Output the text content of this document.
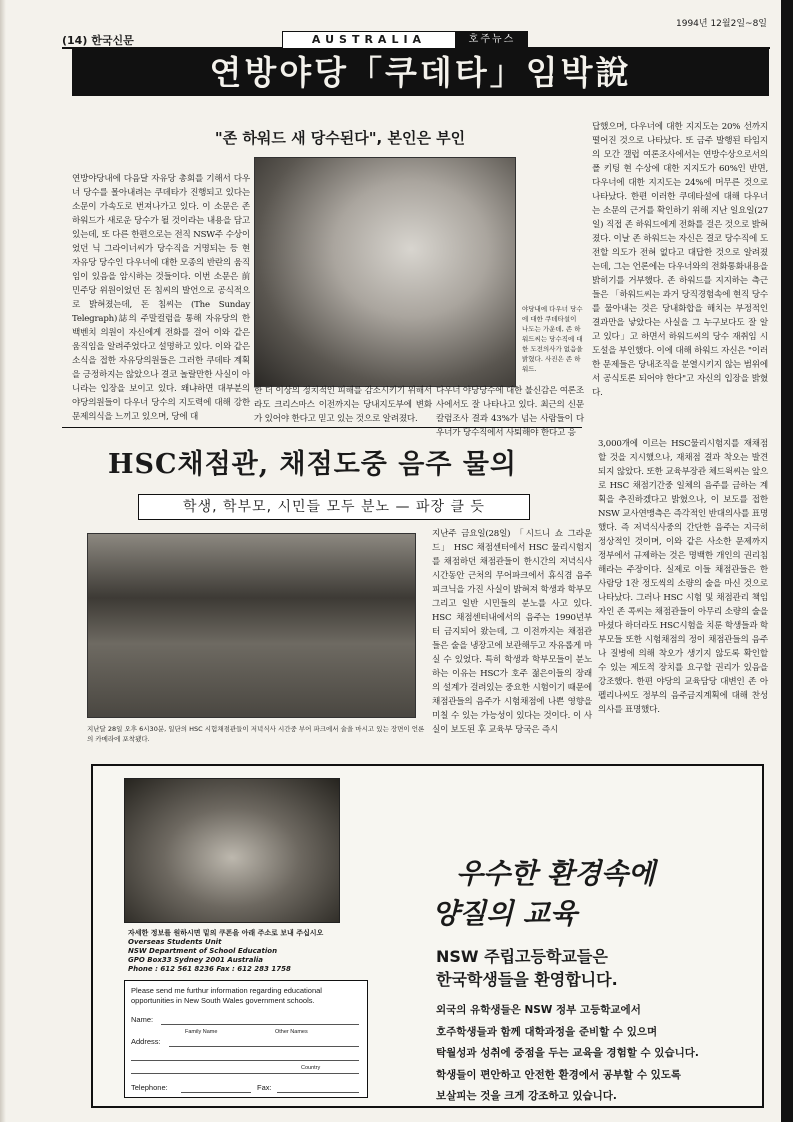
(14) 한국신문
1994년 12월2일~8일
AUSTRALIA	호주뉴스
연방야당「쿠데타」임박說
"존 하워드 새 당수된다", 본인은 부인
연방야당내에 다음달 자유당 총회를 기해서 다우너 당수를 몰아내려는 쿠데타가 진행되고 있다는 소문이 가속도로 번져나가고 있다. 이 소문은 존 하워드가 새로운 당수가 될 것이라는 내용을 담고 있는데, 또 다른 한편으로는 전직 NSW주 수상이었던 닉 그라이너씨가 당수직을 거명되는 등 현 자유당 당수인 다우너에 대한 모종의 반란의 움직임이 있음을 암시하는 것들이다. 이번 소문은 前민주당 위원이었던 돈 침씨의 발언으로 공식적으로 밝혀졌는데, 돈 침씨는 (The Sunday Telegraph)誌의 주말컬럼을 통해 자유당의 한 백벤치 의원이 자신에게 전화를 걸어 이와 같은 움직임을 알려주었다고 설명하고 있다. 이와 같은 소식을 접한 자유당의원들은 그러한 쿠데타 계획을 긍정하지는 않았으나 결코 놀랄만한 사실이 아니라는 입장을 보이고 있다. 왜냐하면 대부분의 야당의원들이 다우너 당수의 지도력에 대해 강한 문제의식을 느끼고 있으며, 당에 대
야당내에 다우너 당수에 대한 쿠데타설이 나도는 가운데, 존 하워드씨는 당수직에 대한 도전의사가 없음을 밝혔다. 사진은 존 하워드.
한 더 이상의 정치적인 피해를 감소시키기 위해서라도 크리스마스 이전까지는 당내지도부에 변화가 있어야 한다고 믿고 있는 것으로 알려졌다.
다우너 야당당수에 대한 불신감은 여론조사에서도 잘 나타나고 있다. 최근의 신문칼럼조사 결과 43%가 넘는 사람들이 다우너가 당수직에서 사퇴해야 한다고 응
답했으며, 다우너에 대한 지지도는 20% 선까지 떨어진 것으로 나타났다. 또 금주 발행된 타임지의 모간 갤럽 여론조사에서는 연방수상으로서의 폴 키팅 현 수상에 대한 지지도가 60%인 반면, 다우너에 대한 지지도는 24%에 머무른 것으로 나타났다. 한편 이러한 쿠데타설에 대해 다우너는 소문의 근거를 확인하기 위해 지난 일요일(27일) 직접 존 하워드에게 전화를 걸은 것으로 밝혀졌다. 이날 존 하워드는 자신은 결코 당수직에 도전할 의도가 전혀 없다고 대답한 것으로 알려졌는데, 그는 언론에는 다우너와의 전화통화내용을 밝히기를 거부했다. 존 하워드를 지지하는 측근들은 「하워드씨는 과거 당직경험속에 현직 당수를 물아내는 것은 당내화합을 해치는 부정적인 결과만을 낳았다는 사실을 그 누구보다도 잘 알고 있다」고 하면서 하워드씨의 당수 재취임 시도설을 부인했다. 이에 대해 하워드 자신은 "이러한 문제들은 당내조직을 분열시키지 않는 범위에서 공식토론 되어야 한다"고 자신의 입장을 밝혔다.
HSC채점관, 채점도중 음주 물의
학생, 학부모, 시민들 모두 분노 — 파장 클 듯
지난달 28일 오후 6시30분, 일단의 HSC 시험채점관들이 저녁식사 시간중 부어 파크에서 술을 마시고 있는 장면이 언론의 카메라에 포착됐다.
지난주 금요일(28일) 「시드니 쇼 그라운드」 HSC 채점센터에서 HSC 물리시험지를 채점하던 채점관들이 한시간의 저녁식사 시간동안 근처의 무어파크에서 휴식겸 음주피크닉을 가진 사실이 밝혀져 학생과 학부모 그리고 일반 시민들의 분노를 사고 있다. HSC 채점센터내에서의 음주는 1990년부터 금지되어 왔는데, 그 이전까지는 채점관들은 술을 냉장고에 보관해두고 자유롭게 마실 수 있었다. 특히 학생과 학부모들이 분노하는 이유는 HSC가 호주 젊은이들의 장래의 설계가 걸려있는 중요한 시험이기 때문에 채점관들의 음주가 시험채점에 나쁜 영향을 미칠 수 있는 가능성이 있다는 것이다. 이 사실이 보도된 후 교육부 당국은 즉시
3,000개에 이르는 HSC물리시험지를 재채점할 것을 지시했으나, 재채점 결과 착오는 발견되지 않았다. 또한 교육부장관 체드윅씨는 앞으로 HSC 채점기간중 일체의 음주를 금하는 계획을 추진하겠다고 밝혔으나, 이 보도를 접한 NSW 교사연맹측은 즉각적인 반대의사를 표명했다. 즉 저녁식사중의 간단한 음주는 지극히 정상적인 것이며, 이와 같은 사소한 문제까지 정부에서 규제하는 것은 명백한 개인의 권리침해라는 주장이다. 실제로 이들 채점관들은 한 사람당 1잔 정도씩의 소량의 술을 마신 것으로 나타났다. 그러나 HSC 시험 및 채점관리 책임자인 존 콕씨는 채점관들이 아무리 소량의 술을 마셨다 하더라도 HSC시험을 치룬 학생들과 학부모들 또한 시험채점의 정이 채점관들의 음주나 질병에 의해 착오가 생기지 않도록 확인할 수 있는 제도적 장치를 요구할 권리가 있음을 강조했다. 한편 야당의 교육담당 대변인 존 아펠리나씨도 정부의 음주금지계획에 대해 찬성의사를 표명했다.
자세한 정보를 원하시면 밑의 쿠폰을 아래 주소로 보내 주십시오
Overseas Students Unit
NSW Department of School Education
GPO Box33 Sydney 2001 Australia
Phone : 612 561 8236 Fax : 612 283 1758
Please send me furthur information regarding educational opportunities in New South Wales government schools.
Name:
Family Name	Other Names
Address:
Country
Telephone:	Fax:
우수한 환경속에
양질의 교육
NSW 주립고등학교들은
한국학생들을 환영합니다.
외국의 유학생들은 NSW 정부 고등학교에서
호주학생들과 함께 대학과정을 준비할 수 있으며
탁월성과 성취에 중점을 두는 교육을 경험할 수 있습니다.
학생들이 편안하고 안전한 환경에서 공부할 수 있도록
보살피는 것을 크게 강조하고 있습니다.
